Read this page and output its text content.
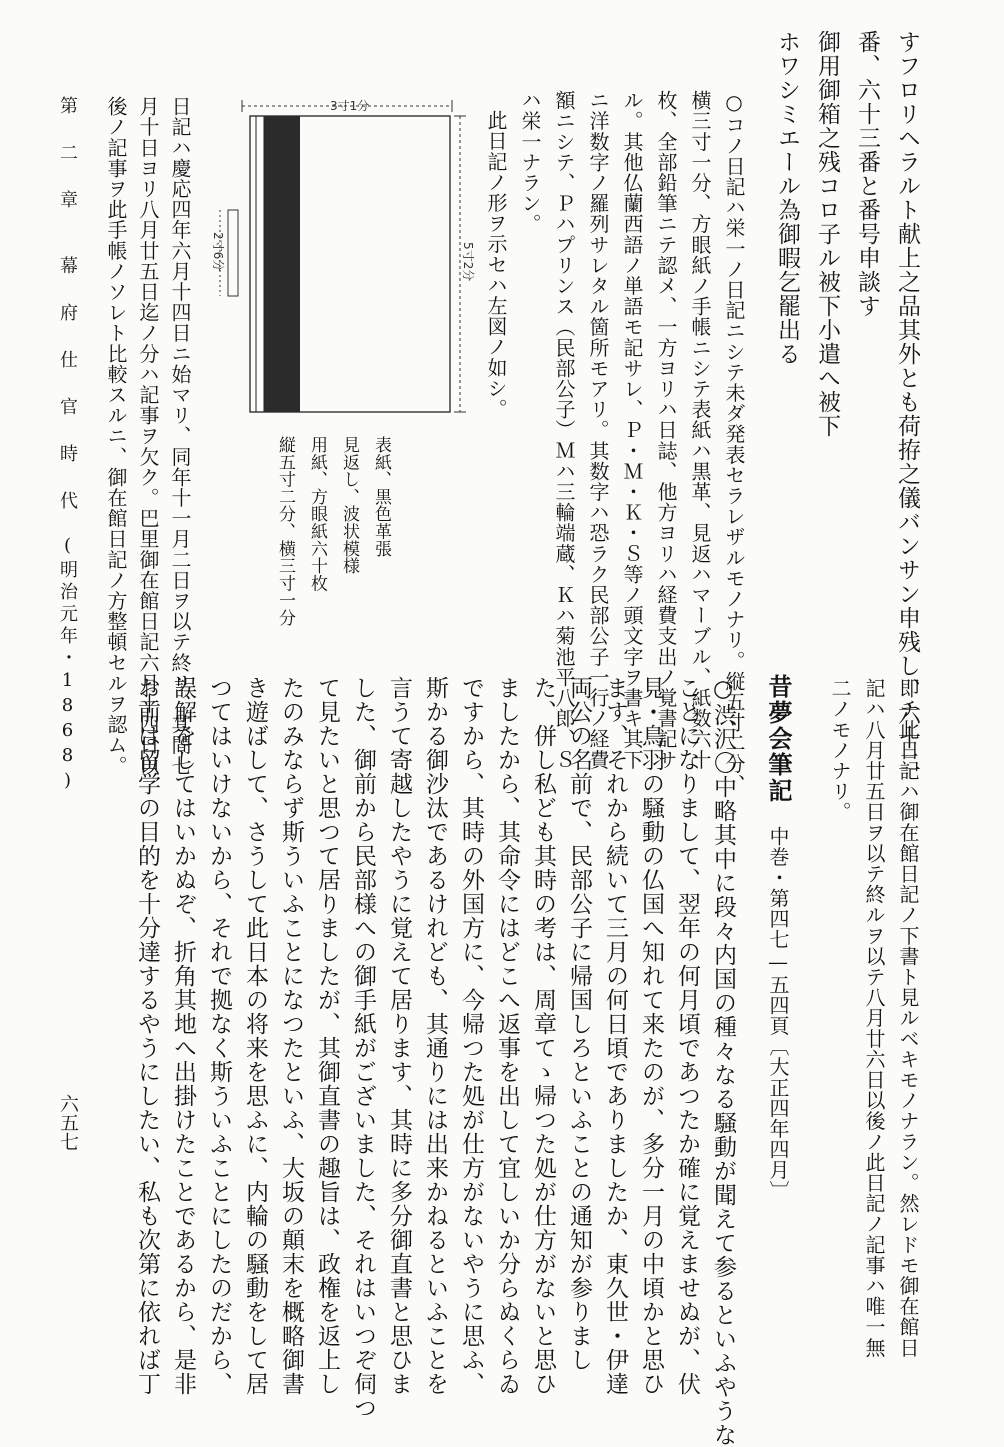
すフロリヘラルト献上之品其外とも荷拵之儀バンサン申残し、六十二
番、六十三番と番号申談す
御用御箱之残コロ子ル被下小遣へ被下
ホワシミエール為御暇乞罷出る
○コノ日記ハ栄一ノ日記ニシテ未ダ発表セラレザルモノナリ。縦五寸二分、
横三寸一分、方眼紙ノ手帳ニシテ表紙ハ黒革、見返ハマーブル、紙数六十
枚、全部鉛筆ニテ認メ、一方ヨリハ日誌、他方ヨリハ経費支出ノ覚書記サ
ル。其他仏蘭西語ノ単語モ記サレ、Ｐ・Ｍ・Ｋ・Ｓ等ノ頭文字ヲ書キ其下
ニ洋数字ノ羅列サレタル箇所モアリ。其数字ハ恐ラク民部公子一行ノ経費
額ニシテ、Ｐハプリンス（民部公子）Ｍハ三輪端蔵、Ｋハ菊池平八郎、Ｓ
ハ栄一ナラン。
此日記ノ形ヲ示セハ左図ノ如シ。
3寸1分
5寸2分
2寸6分
表紙、黒色革張
見返し、波状模様
用紙、方眼紙六十枚
縦五寸二分、横三寸一分
日記ハ慶応四年六月十四日ニ始マリ、同年十一月二日ヲ以テ終リ、其間七
月十日ヨリ八月廿五日迄ノ分ハ記事ヲ欠ク。巴里御在館日記六月十四日以
後ノ記事ヲ此手帳ノソレト比較スルニ、御在館日記ノ方整頓セルヲ認ム。
第 二 章　　幕 府 仕 官 時 代　(明治元年・1868)
即チ此日記ハ御在館日記ノ下書ト見ルベキモノナラン。然レドモ御在館日
記ハ八月廿五日ヲ以テ終ルヲ以テ八月廿六日以後ノ此日記ノ記事ハ唯一無
二ノモノナリ。
昔夢会筆記
中巻・第四七—五四頁〔大正四年四月〕
○渋沢〇中略其中に段々内国の種々なる騒動が聞えて参るといふやうな
ことになりまして、翌年の何月頃であつたか確に覚えませぬが、伏
見・鳥羽の騒動の仏国へ知れて来たのが、多分一月の中頃かと思ひ
ます、それから続いて三月の何日頃でありましたか、東久世・伊達
両公の名前で、民部公子に帰国しろといふことの通知が参りまし
た、併し私ども其時の考は、周章てゝ帰つた処が仕方がないと思ひ
ましたから、其命令にはどこへ返事を出して宜しいか分らぬくらゐ
ですから、其時の外国方に、今帰つた処が仕方がないやうに思ふ、
斯かる御沙汰であるけれども、其通りには出来かねるといふことを
言うて寄越したやうに覚えて居ります、其時に多分御直書と思ひま
した、御前から民部様への御手紙がございました、それはいつぞ伺つ
て見たいと思つて居りましたが、其御直書の趣旨は、政権を返上し
たのみならず斯ういふことになつたといふ、大坂の顛末を概略御書
き遊ばして、さうして此日本の将来を思ふに、内輪の騒動をして居
つてはいけないから、それで拠なく斯ういふことにしたのだから、
誤解をしてはいかぬぞ、折角其地へ出掛けたことであるから、是非
お前は留学の目的を十分達するやうにしたい、私も次第に依れば丁
六五七
